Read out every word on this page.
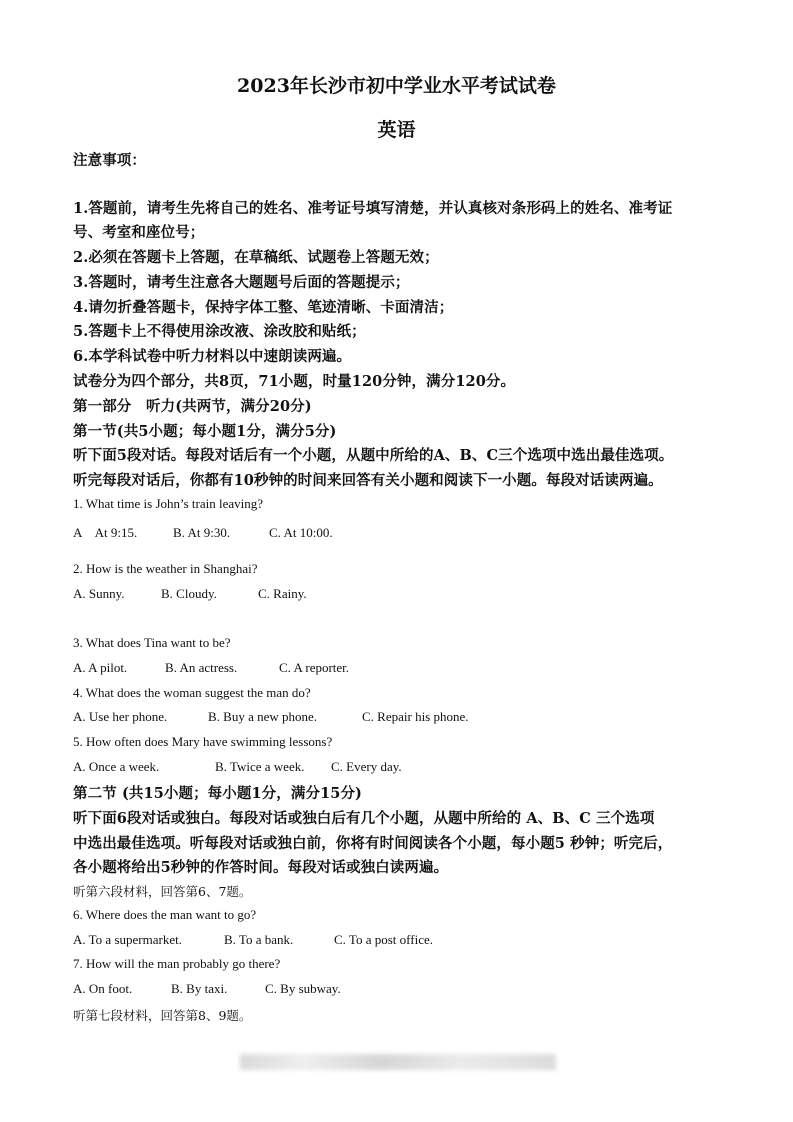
2023年长沙市初中学业水平考试试卷
英语
注意事项：
1.答题前，请考生先将自己的姓名、准考证号填写清楚，并认真核对条形码上的姓名、准考证
号、考室和座位号；
2.必须在答题卡上答题，在草稿纸、试题卷上答题无效；
3.答题时，请考生注意各大题题号后面的答题提示；
4.请勿折叠答题卡，保持字体工整、笔迹清晰、卡面清洁；
5.答题卡上不得使用涂改液、涂改胶和贴纸；
6.本学科试卷中听力材料以中速朗读两遍。
试卷分为四个部分，共8页，71小题，时量120分钟，满分120分。
第一部分　听力(共两节，满分20分)
第一节(共5小题；每小题1分，满分5分)
听下面5段对话。每段对话后有一个小题，从题中所给的A、B、C三个选项中选出最佳选项。
听完每段对话后，你都有10秒钟的时间来回答有关小题和阅读下一小题。每段对话读两遍。
1. What time is John’s train leaving?
A　At 9:15.	B. At 9:30.	C. At 10:00.
2. How is the weather in Shanghai?
A. Sunny.	B. Cloudy.	C. Rainy.
3. What does Tina want to be?
A. A pilot.	B. An actress.	C. A reporter.
4. What does the woman suggest the man do?
A. Use her phone.	B. Buy a new phone.	C. Repair his phone.
5. How often does Mary have swimming lessons?
A. Once a week.	B. Twice a week. C. Every day.
第二节 (共15小题；每小题1分，满分15分)
听下面6段对话或独白。每段对话或独白后有几个小题，从题中所给的 A、B、C 三个选项
中选出最佳选项。听每段对话或独白前，你将有时间阅读各个小题，每小题5 秒钟；听完后，
各小题将给出5秒钟的作答时间。每段对话或独白读两遍。
听第六段材料，回答第6、7题。
6. Where does the man want to go?
A. To a supermarket.	B. To a bank.	C. To a post office.
7. How will the man probably go there?
A. On foot.	B. By taxi.	C. By subway.
听第七段材料，回答第8、9题。
